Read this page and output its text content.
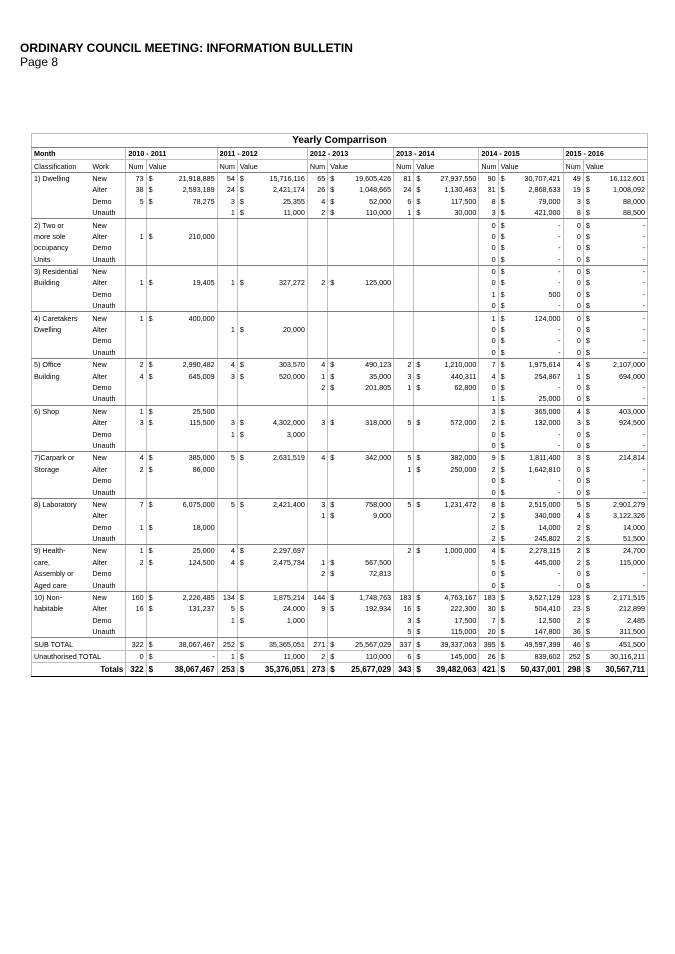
ORDINARY COUNCIL MEETING: INFORMATION BULLETIN
Page 8
Yearly Comparrison																			
Month		2010 - 2011			2011 - 2012			2012 - 2013			2013 - 2014			2014 - 2015			2015 - 2016		
Classification	Work	Num	Value		Num	Value		Num	Value		Num	Value		Num	Value		Num	Value	
1) Dwelling	New	73	$	21,918,885	54	$	15,716,116	65	$	19,605,426	81	$	27,937,550	90	$	30,707,421	49	$	16,112,601
	Alter	38	$	2,593,189	24	$	2,421,174	26	$	1,048,665	24	$	1,130,463	31	$	2,868,633	19	$	1,008,092
	Demo	5	$	78,275	3	$	25,355	4	$	52,000	6	$	117,500	8	$	79,000	3	$	88,000
	Unauth				1	$	11,000	2	$	110,000	1	$	30,000	3	$	421,000	8	$	88,500
2) Two or	New													0	$	-	0	$	-
more sole	Alter	1	$	210,000										0	$	-	0	$	-
occupancy	Demo													0	$	-	0	$	-
Units	Unauth													0	$	-	0	$	-
3) Residential	New													0	$	-	0	$	-
Building	Alter	1	$	19,405	1	$	327,272	2	$	125,000				0	$	-	0	$	-
	Demo													1	$	500	0	$	-
	Unauth													0	$	-	0	$	-
4) Caretakers	New	1	$	400,000										1	$	124,000	0	$	-
Dwelling	Alter				1	$	20,000							0	$	-	0	$	-
	Demo													0	$	-	0	$	-
	Unauth													0	$	-	0	$	-
5) Office	New	2	$	2,990,482	4	$	303,570	4	$	490,123	2	$	1,210,000	7	$	1,975,614	4	$	2,107,000
Building	Alter	4	$	645,009	3	$	520,000	1	$	35,000	3	$	440,311	4	$	254,867	1	$	694,000
	Demo							2	$	201,805	1	$	62,800	0	$	-	0	$	-
	Unauth													1	$	25,000	0	$	-
6) Shop	New	1	$	25,500										3	$	365,000	4	$	403,000
	Alter	3	$	115,500	3	$	4,302,000	3	$	318,000	5	$	572,000	2	$	132,000	3	$	924,500
	Demo				1	$	3,000							0	$	-	0	$	-
	Unauth													0	$	-	0	$	-
7)Carpark or	New	4	$	385,000	5	$	2,631,519	4	$	342,000	5	$	382,000	9	$	1,811,400	3	$	214,814
Storage	Alter	2	$	86,000							1	$	250,000	2	$	1,642,810	0	$	-
	Demo													0	$	-	0	$	-
	Unauth													0	$	-	0	$	-
8) Laboratory	New	7	$	6,075,000	5	$	2,421,400	3	$	758,000	5	$	1,231,472	8	$	2,515,000	5	$	2,901,279
	Alter							1	$	9,000				2	$	340,000	4	$	3,122,326
	Demo	1	$	18,000										2	$	14,000	2	$	14,000
	Unauth													2	$	245,802	2	$	51,500
9) Health-	New	1	$	25,000	4	$	2,297,697				2	$	1,000,000	4	$	2,278,115	2	$	24,700
care,	Alter	2	$	124,500	4	$	2,475,734	1	$	567,500				5	$	445,000	2	$	115,000
Assembly or	Demo							2	$	72,813				0	$	-	0	$	-
Aged care	Unauth													0	$	-	0	$	-
10) Non-	New	160	$	2,226,485	134	$	1,875,214	144	$	1,748,763	183	$	4,763,167	183	$	3,527,129	123	$	2,171,515
habitable	Alter	16	$	131,237	5	$	24,000	9	$	192,934	16	$	222,300	30	$	504,410	23	$	212,899
	Demo				1	$	1,000				3	$	17,500	7	$	12,500	2	$	2,485
	Unauth										5	$	115,000	20	$	147,800	36	$	311,500
SUB TOTAL		322	$	38,067,467	252	$	35,365,051	271	$	25,567,029	337	$	39,337,063	395	$	49,597,399	46	$	451,500
Unauthorised TOTAL		0	$	-	1	$	11,000	2	$	110,000	6	$	145,000	26	$	839,602	252	$	30,116,211
Totals		322	$	38,067,467	253	$	35,376,051	273	$	25,677,029	343	$	39,482,063	421	$	50,437,001	298	$	30,567,711
